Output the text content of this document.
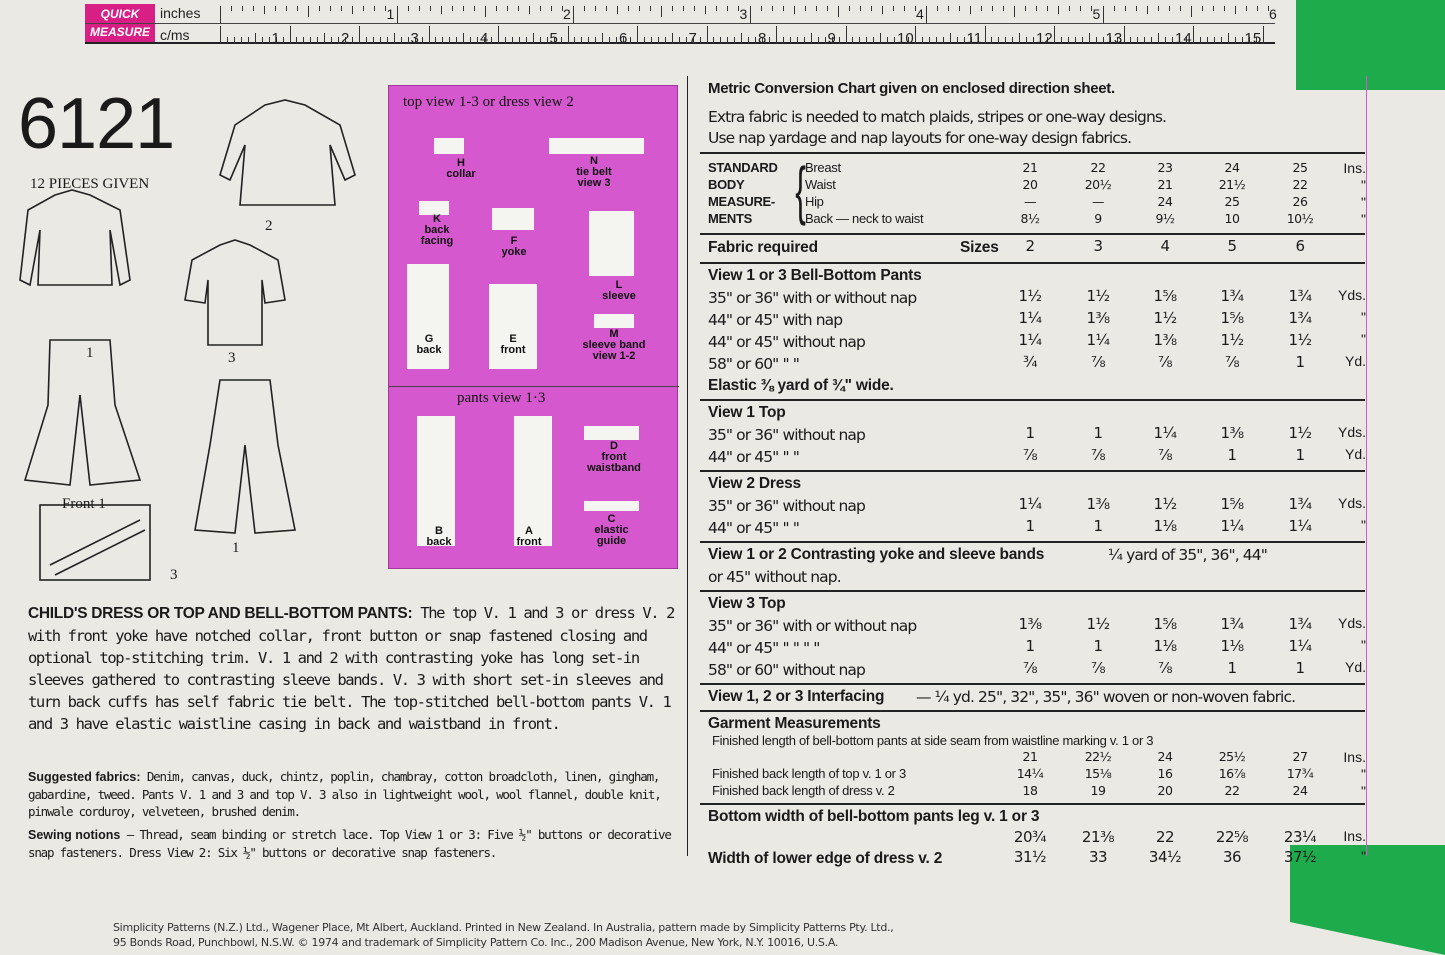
QUICK
MEASURE
inches
c/ms	1	2	3	4	5	6	7	8	9	10	11	12	13	14	15
1	2	3	4	5	6
6121
12 PIECES GIVEN
1
2
3
Front 1
1
3
top view 1-3 or dress view 2
pants view 1·3
H
collar
N
tie belt view 3
K
back facing	F
yoke
L
sleeve
G
back
E
front
M
sleeve band view 1-2
D
front waistband
B
back
A
front
C
elastic guide
CHILD'S DRESS OR TOP AND BELL-BOTTOM PANTS: The top V. 1 and 3 or dress V. 2 with front yoke have notched collar, front button or snap fastened closing and optional top-stitching trim. V. 1 and 2 with contrasting yoke has long set-in sleeves gathered to contrasting sleeve bands. V. 3 with short set-in sleeves and turn back cuffs has self fabric tie belt. The top-stitched bell-bottom pants V. 1 and 3 have elastic waistline casing in back and waistband in front.
Suggested fabrics: Denim, canvas, duck, chintz, poplin, chambray, cotton broadcloth, linen, gingham, gabardine, tweed. Pants V. 1 and 3 and top V. 3 also in lightweight wool, wool flannel, double knit, pinwale corduroy, velveteen, brushed denim.
Sewing notions — Thread, seam binding or stretch lace. Top View 1 or 3: Five ½" buttons or decorative snap fasteners. Dress View 2: Six ½" buttons or decorative snap fasteners.
Metric Conversion Chart given on enclosed direction sheet.
Extra fabric is needed to match plaids, stripes or one-way designs.
Use nap yardage and nap layouts for one-way design fabrics.
STANDARD
BODY
MEASURE-
MENTS { Breast	21	22	23	24	25	Ins.
Waist	20	20½	21	21½	22	"
Hip	—	—	24	25	26	"
Back — neck to waist	8½	9	9½	10	10½	"
Fabric required	Sizes	2	3	4	5	6
View 1 or 3 Bell-Bottom Pants
35" or 36" with or without nap	1½	1½	1⅝	1¾	1¾	Yds.
44" or 45" with nap	1¼	1⅜	1½	1⅝	1¾	"
44" or 45" without nap	1¼	1¼	1⅜	1½	1½	"
58" or 60" " "	¾	⅞	⅞	⅞	1	Yd.
Elastic ⅜ yard of ¾" wide.
View 1 Top
35" or 36" without nap	1	1	1¼	1⅜	1½	Yds.
44" or 45" " "	⅞	⅞	⅞	1	1	Yd.
View 2 Dress
35" or 36" without nap	1¼	1⅜	1½	1⅝	1¾	Yds.
44" or 45" " "	1	1	1⅛	1¼	1¼	"
View 1 or 2 Contrasting yoke and sleeve bands	¼ yard of 35", 36", 44"
or 45" without nap.
View 3 Top
35" or 36" with or without nap	1⅜	1½	1⅝	1¾	1¾	Yds.
44" or 45" " " " "	1	1	1⅛	1⅛	1¼	"
58" or 60" without nap	⅞	⅞	⅞	1	1	Yd.
View 1, 2 or 3 Interfacing — ¼ yd. 25", 32", 35", 36" woven or non-woven fabric.
Garment Measurements
Finished length of bell-bottom pants at side seam from waistline marking v. 1 or 3
21	22½	24	25½	27	Ins.
Finished back length of top v. 1 or 3	14¼	15⅛	16	16⅞	17¾	"
Finished back length of dress v. 2	18	19	20	22	24	"
Bottom width of bell-bottom pants leg v. 1 or 3
20¾	21⅜	22	22⅝	23¼	Ins.
Width of lower edge of dress v. 2	31½	33	34½	36	37½	"
Simplicity Patterns (N.Z.) Ltd., Wagener Place, Mt Albert, Auckland. Printed in New Zealand. In Australia, pattern made by Simplicity Patterns Pty. Ltd.,
95 Bonds Road, Punchbowl, N.S.W. © 1974 and trademark of Simplicity Pattern Co. Inc., 200 Madison Avenue, New York, N.Y. 10016, U.S.A.
